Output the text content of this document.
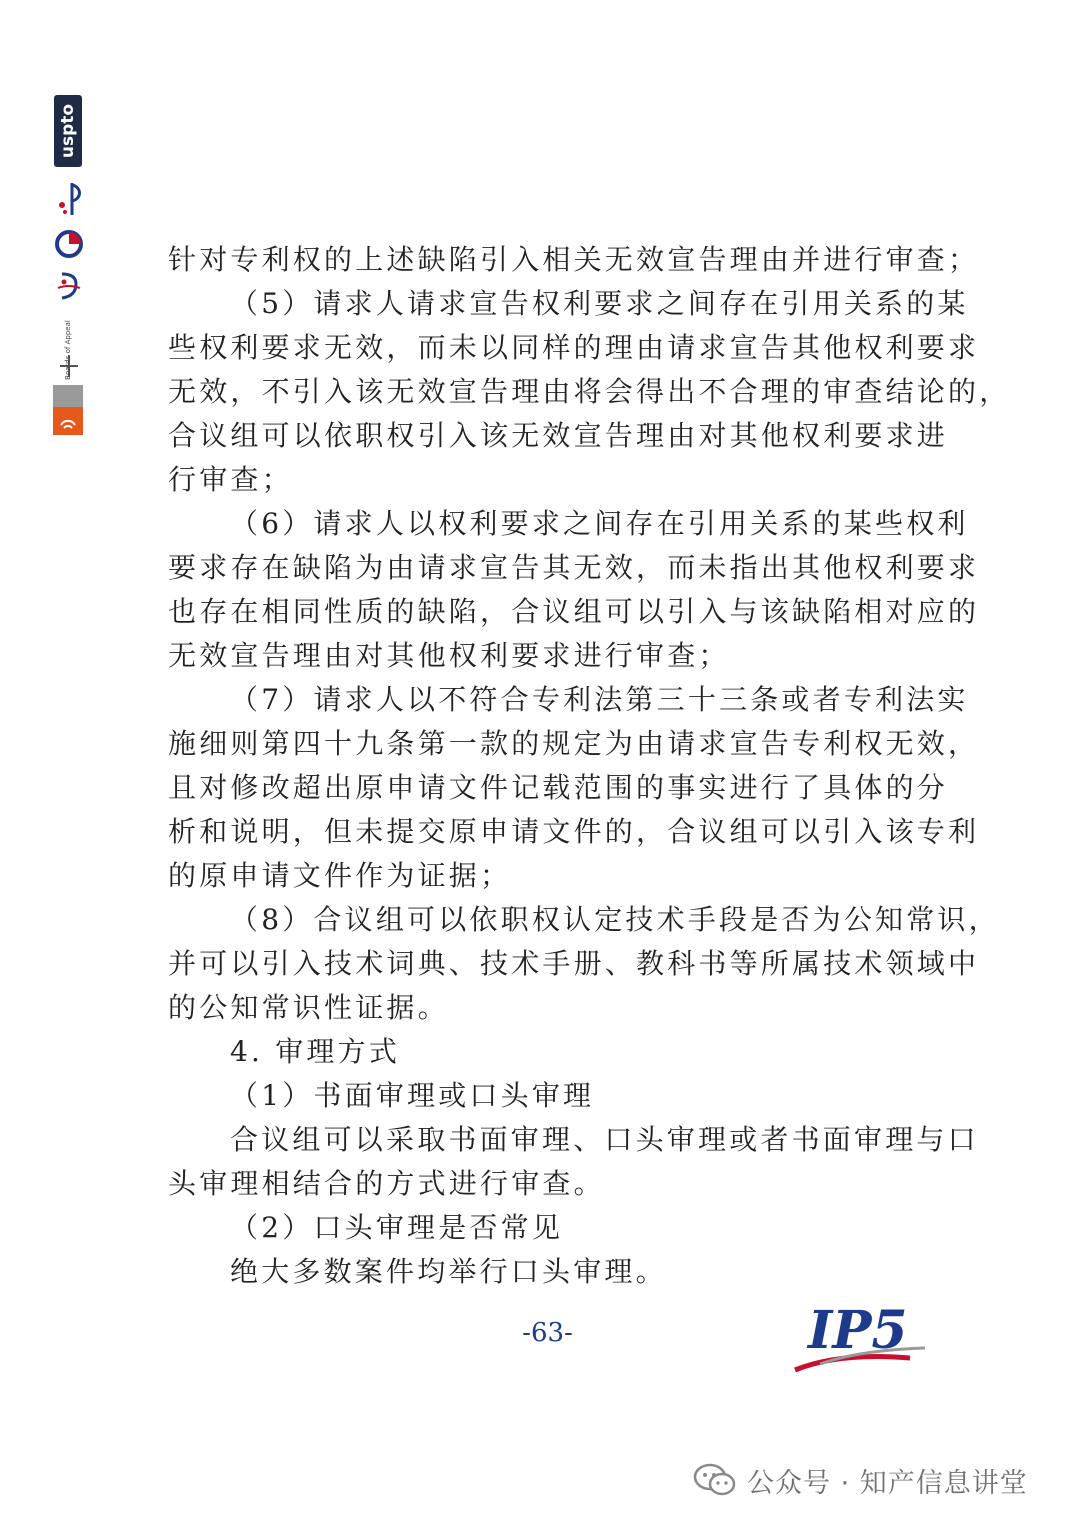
uspto
Boards of Appeal

针对专利权的上述缺陷引入相关无效宣告理由并进行审查；

（5）请求人请求宣告权利要求之间存在引用关系的某

些权利要求无效，而未以同样的理由请求宣告其他权利要求

无效，不引入该无效宣告理由将会得出不合理的审查结论的，

合议组可以依职权引入该无效宣告理由对其他权利要求进

行审查；

（6）请求人以权利要求之间存在引用关系的某些权利

要求存在缺陷为由请求宣告其无效，而未指出其他权利要求

也存在相同性质的缺陷，合议组可以引入与该缺陷相对应的

无效宣告理由对其他权利要求进行审查；

（7）请求人以不符合专利法第三十三条或者专利法实

施细则第四十九条第一款的规定为由请求宣告专利权无效，

且对修改超出原申请文件记载范围的事实进行了具体的分

析和说明，但未提交原申请文件的，合议组可以引入该专利

的原申请文件作为证据；

（8）合议组可以依职权认定技术手段是否为公知常识，

并可以引入技术词典、技术手册、教科书等所属技术领域中

的公知常识性证据。

4. 审理方式

（1）书面审理或口头审理

合议组可以采取书面审理、口头审理或者书面审理与口

头审理相结合的方式进行审查。

（2）口头审理是否常见

绝大多数案件均举行口头审理。

-63-	IP5
公众号 · 知产信息讲堂
